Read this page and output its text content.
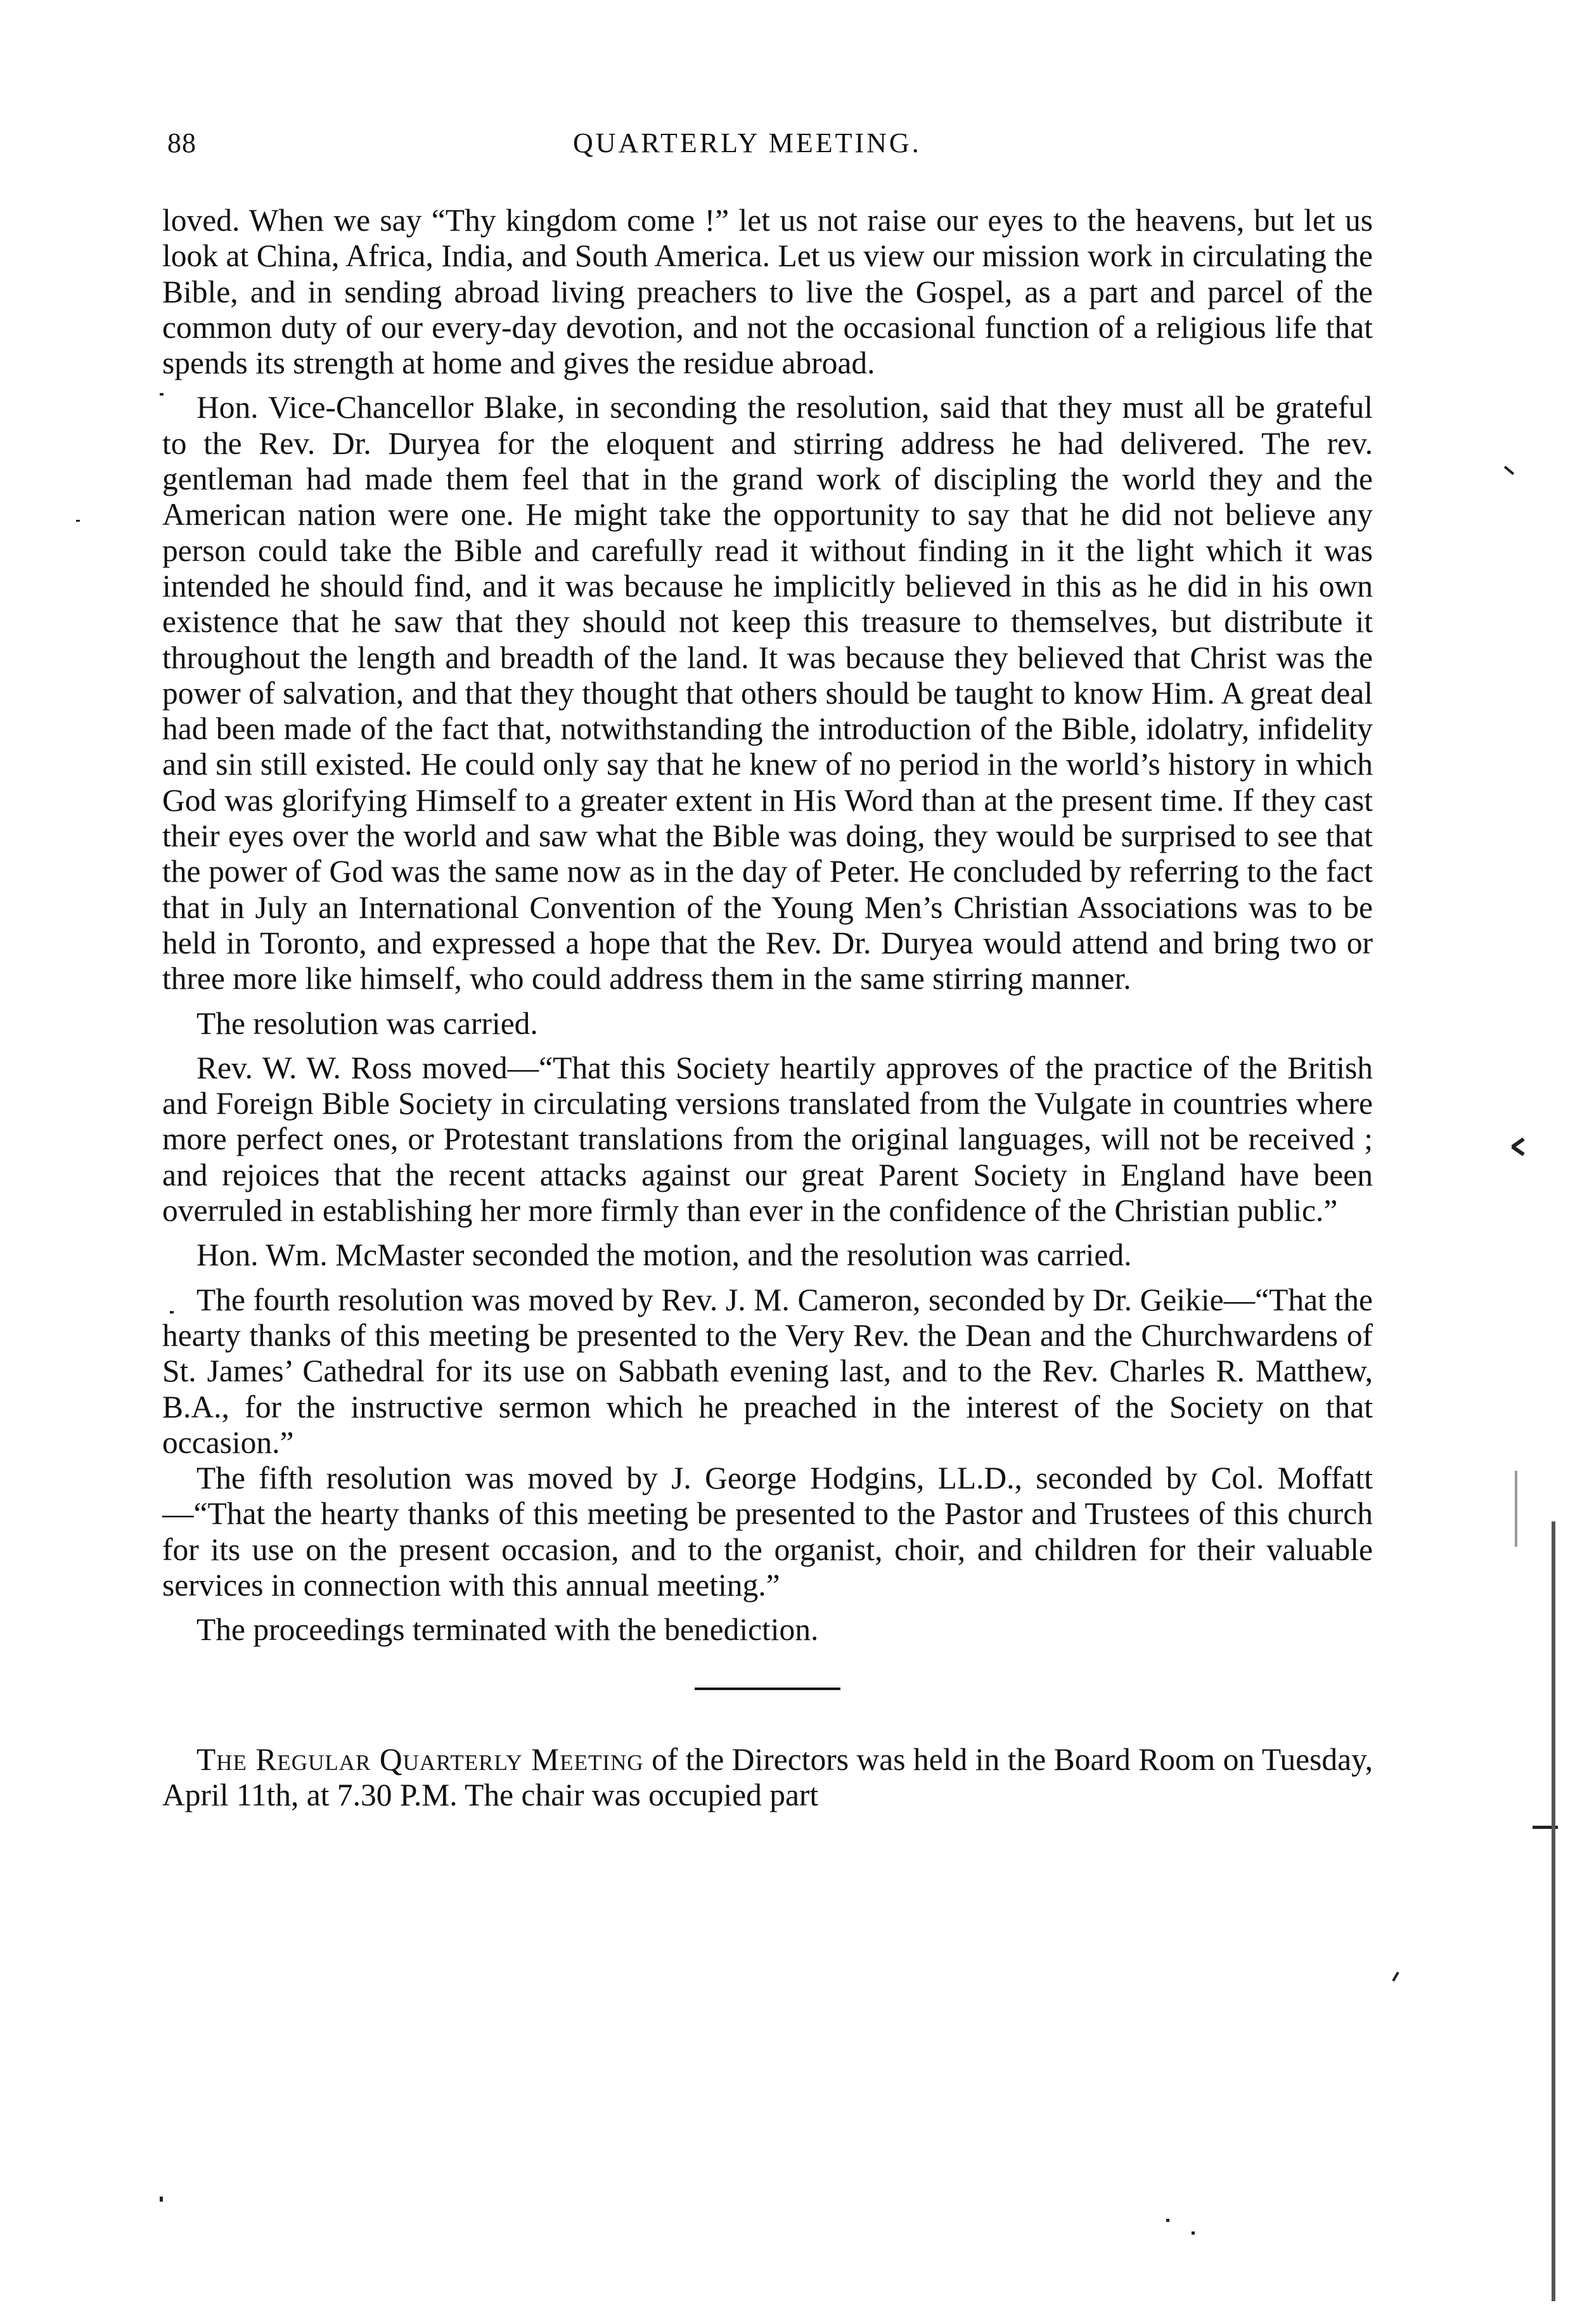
88	QUARTERLY MEETING.

loved. When we say “Thy kingdom come !” let us not raise our eyes to the heavens, but let us look at China, Africa, India, and South America. Let us view our mission work in circulating the Bible, and in sending abroad living preachers to live the Gospel, as a part and parcel of the common duty of our every-day devotion, and not the occasional function of a religious life that spends its strength at home and gives the residue abroad.

Hon. Vice-Chancellor Blake, in seconding the resolution, said that they must all be grateful to the Rev. Dr. Duryea for the eloquent and stirring address he had delivered. The rev. gentleman had made them feel that in the grand work of discipling the world they and the American nation were one. He might take the opportunity to say that he did not believe any person could take the Bible and carefully read it without finding in it the light which it was intended he should find, and it was because he implicitly believed in this as he did in his own existence that he saw that they should not keep this treasure to themselves, but distribute it throughout the length and breadth of the land. It was because they believed that Christ was the power of salvation, and that they thought that others should be taught to know Him. A great deal had been made of the fact that, notwithstanding the introduction of the Bible, idolatry, infidelity and sin still existed. He could only say that he knew of no period in the world’s history in which God was glorifying Himself to a greater extent in His Word than at the present time. If they cast their eyes over the world and saw what the Bible was doing, they would be surprised to see that the power of God was the same now as in the day of Peter. He concluded by referring to the fact that in July an International Convention of the Young Men’s Christian Associations was to be held in Toronto, and expressed a hope that the Rev. Dr. Duryea would attend and bring two or three more like himself, who could address them in the same stirring manner.

The resolution was carried.

Rev. W. W. Ross moved—“That this Society heartily approves of the practice of the British and Foreign Bible Society in circulating versions translated from the Vulgate in countries where more perfect ones, or Protestant translations from the original languages, will not be received ; and rejoices that the recent attacks against our great Parent Society in England have been overruled in establishing her more firmly than ever in the confidence of the Christian public.”

Hon. Wm. McMaster seconded the motion, and the resolution was carried.

The fourth resolution was moved by Rev. J. M. Cameron, seconded by Dr. Geikie—“That the hearty thanks of this meeting be presented to the Very Rev. the Dean and the Churchwardens of St. James’ Cathedral for its use on Sabbath evening last, and to the Rev. Charles R. Matthew, B.A., for the instructive sermon which he preached in the interest of the Society on that occasion.”

The fifth resolution was moved by J. George Hodgins, LL.D., seconded by Col. Moffatt—“That the hearty thanks of this meeting be presented to the Pastor and Trustees of this church for its use on the present occasion, and to the organist, choir, and children for their valuable services in connection with this annual meeting.”

The proceedings terminated with the benediction.

The Regular Quarterly Meeting of the Directors was held in the Board Room on Tuesday, April 11th, at 7.30 P.M. The chair was occupied part
